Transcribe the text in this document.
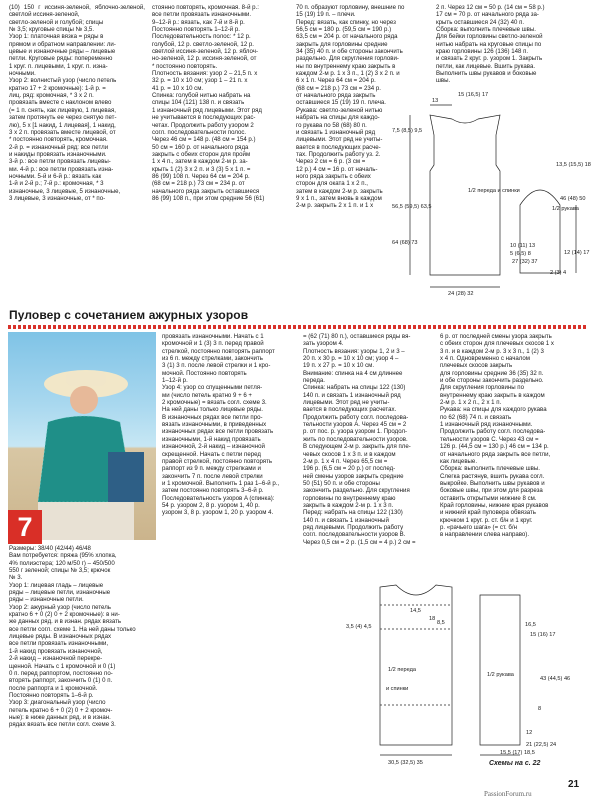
(10) 150 г иссиня-зеленой, яблочно-зеленой, светлой иссиня-зеленой,

светло-зеленой и голубой; спицы

№ 3,5; круговые спицы № 3,5.

Узор 1: платочная вязка = ряды в

прямом и обратном направлении: ли-

цевые и изнаночные ряды – лицевые

петли. Круговые ряды: попеременно

1 круг. п. лицевыми, 1 круг. п. изна-

ночными.

Узор 2: волнистый узор (число петель

кратно 17 + 2 кромочные): 1-й р. =

лиц. ряд: кромочная, * 3 х 2 п.

провязать вместе с наклоном влево

(= 1 п. снять, как лицевую, 1 лицевая,

затем протянуть ее через снятую пет-

лю), 5 х [1 накид, 1 лицевая], 1 накид,

3 х 2 п. провязать вместе лицевой, от

* постоянно повторять, кромочная.

2-й р. = изнаночный ряд: все петли

и накиды провязать изнаночными.

3-й р.: все петли провязать лицевы-

ми. 4-й р.: все петли провязать изна-

ночными. 5-й и 6-й р.: вязать как

1-й и 2-й р.; 7-й р.: кромочная, * 3

изнаночные, 3 лицевые, 5 изнаночные,

3 лицевые, 3 изнаночные, от * по-

стоянно повторять, кромочная. 8-й р.:

все петли провязать изнаночными.

9–12-й р.: вязать, как 7-й и 8-й р.

Постоянно повторять 1–12-й р.

Последовательность полос: * 12 р.

голубой, 12 р. светло-зеленой, 12 р.

светлой иссиня-зеленой, 12 р. яблоч-

но-зеленой, 12 р. иссиня-зеленой, от

* постоянно повторять.

Плотность вязания: узор 2 – 21,5 п. х

32 р. = 10 х 10 см; узор 1 – 21 п. х

41 р. = 10 х 10 см.

Спинка: голубой нитью набрать на

спицы 104 (121) 138 п. и связать

1 изнаночный ряд лицевыми. Этот ряд

не учитывается в последующих рас-

четах. Продолжить работу узором 2

согл. последовательности полос.

Через 46 см = 148 р. (48 см = 154 р.)

50 см = 160 р. от начального ряда

закрыть с обеих сторон для пройм

1 х 4 п., затем в каждом 2-м р. за-

крыть 1 (2) 3 х 2 п. и 3 (3) 5 х 1 п. =

86 (99) 108 п. Через 64 см = 204 р.

(68 см = 218 р.) 73 см = 234 р. от

начального ряда закрыть оставшиеся

86 (99) 108 п., при этом средние 56 (61)

70 п. образуют горловину, внешние по

15 (19) 19 п. – плечи.

Перед: вязать, как спинку, но через

56,5 см = 180 р. (59,5 см = 190 р.)

63,5 см = 204 р. от начального ряда

закрыть для горловины средние

34 (35) 40 п. и обе стороны закончить

раздельно. Для скругления горлови-

ны по внутреннему краю закрыть в

каждом 2-м р. 1 х 3 п., 1 (2) 3 х 2 п. и

6 х 1 п. Через 64 см = 204 р.

(68 см = 218 р.) 73 см = 234 р.

от начального ряда закрыть

оставшиеся 15 (19) 19 п. плеча.

Рукава: светло-зеленой нитью

набрать на спицы для каждо-

го рукава по 58 (68) 80 п.

и связать 1 изнаночный ряд

лицевыми. Этот ряд не учиты-

вается в последующих расче-

тах. Продолжить работу уз. 2.

Через 2 см = 6 р. (3 см =

12 р.) 4 см = 16 р. от началь-

ного ряда закрыть с обеих

сторон для оката 1 х 2 п.,

затем в каждом 2-м р. закрыть

9 х 1 п., затем вновь в каждом

2-м р. закрыть 2 х 1 п. и 1 х

2 п. Через 12 см = 50 р. (14 см = 58 р.)

17 см = 70 р. от начального ряда за-

крыть оставшиеся 24 (32) 40 п.

Сборка: выполнить плечевые швы.

Для бейки горловины светло-зеленой

нитью набрать на круговые спицы по

краю горловины 126 (136) 148 п.

и связать 2 круг. р. узором 1. Закрыть

петли, как лицевые. Вшить рукава.

Выполнить швы рукавов и боковые

швы.

13
15 (16,5) 17
7,5 (8,5) 9,5
56,5 (59,5) 63,5
64 (68) 73
1/2 переда и спинки
24 (28) 32
1/2 рукава
10 (11) 13
5 (6,5) 8
27 (32) 37
12 (14) 17
46 (48) 50
13,5 (15,5) 18
2 (3) 4
Пуловер с сочетанием ажурных узоров
7

Размеры: 38/40 (42/44) 46/48

Вам потребуется: пряжа (95% хлопка,

4% полиэстера; 120 м/50 г) – 450/500

550 г зеленой; спицы № 3,5; крючок

№ 3.

Узор 1: лицевая гладь – лицевые

ряды – лицевые петли, изнаночные

ряды – изнаночные петли.

Узор 2: ажурный узор (число петель

кратно 6 + 0 (2) 0 + 2 кромочные): в ни-

же данных ряд. и в изнан. рядах вязать

все петли согл. схеме 1. На ней даны только

лицевые ряды. В изнаночных рядах

все петли провязать изнаночными,

1-й накид провязать изнаночной,

2-й накид – изнаночной перекре-

щенной. Начать с 1 кромочной и 0 (1)

0 п. перед раппортом, постоянно по-

вторять раппорт, закончить 0 (1) 0 п.

после раппорта и 1 кромочной.

Постоянно повторять 1–6-й р.

Узор 3: диагональный узор (число

петель кратно 6 + 0 (2) 0 + 2 кромоч-

ные): в ниже данных ряд. и в изнан.

рядах вязать все петли согл. схеме 3.

провязать изнаночными. Начать с 1

кромочной и 1 (3) 3 п. перед правой

стрелкой, постоянно повторять раппорт

из 6 п. между стрелками, закончить

3 (1) 3 п. после левой стрелки и 1 кро-

мочной. Постоянно повторять

1–12-й р.

Узор 4: узор со спущенными петля-

ми (число петель кратно 9 + 6 +

2 кромочные) = вязать согл. схеме 3.

На ней даны только лицевые ряды.

В изнаночных рядах все петли про-

вязать изнаночными, в приведенных

изнаночных рядах все петли провязать

изнаночными, 1-й накид провязать

изнаночной, 2-й накид – изнаночной

скрещенной. Начать с петли перед

правой стрелкой, постоянно повторять

раппорт из 9 п. между стрелками и

закончить 7 п. после левой стрелки

и 1 кромочной. Выполнить 1 раз 1–6-й р.,

затем постоянно повторять 3–6-й р.

Последовательность узоров A (спинка):

54 р. узором 2, 8 р. узором 1, 40 р.

узором 3, 8 р. узором 1, 20 р. узором 4.

= (62 (71) 80 п.), оставшиеся ряды вя-

зать узором 4.

Плотность вязания: узоры 1, 2 и 3 –

20 п. х 30 р. = 10 х 10 см; узор 4 –

19 п. х 27 р. = 10 х 10 см.

Внимание: спинка на 4 см длиннее

переда.

Спинка: набрать на спицы 122 (130)

140 п. и связать 1 изнаночный ряд

лицевыми. Этот ряд не учиты-

вается в последующих расчетах.

Продолжить работу согл. последова-

тельности узоров A. Через 45 см = 2

р. от пос. р. узора узором 1. Продол-

жить по последовательности узоров.

В следующем 2-м р. закрыть для пле-

чевых скосов 1 х 3 п. и в каждом

2-м р. 1 х 4 п. Через 65,5 см =

196 р. (6,5 см = 20 р.) от послед-

ней смены узоров закрыть средние

50 (51) 50 п. и обе стороны

закончить раздельно. Для скругления

горловины по внутреннему краю

закрыть в каждом 2-м р. 1 х 3 п.

Перед: набрать на спицы 122 (130)

140 п. и связать 1 изнаночный

ряд лицевыми. Продолжить работу

согл. последовательности узоров В.

Через 0,5 см = 2 р. (1,5 см = 4 р.) 2 см =

6 р. от последней смены узора закрыть

с обеих сторон для плечевых скосов 1 х

3 п. и в каждом 2-м р. 3 х 3 п., 1 (2) 3

х 4 п. Одновременно с началом

плечевых скосов закрыть

для горловины средние 36 (35) 32 п.

и обе стороны закончить раздельно.

Для скругления горловины по

внутреннему краю закрыть в каждом

2-м р. 1 х 2 п., 2 х 1 п.

Рукава: на спицы для каждого рукава

по 62 (68) 74 п. и связать

1 изнаночный ряд изнаночными.

Продолжить работу согл. последова-

тельности узоров С. Через 43 см =

126 р. (44,5 см = 130 р.) 46 см = 134 р.

от начального ряда закрыть все петли,

как лицевые.

Сборка: выполнить плечевые швы.

Слегка растянув, вшить рукава согл.

выкройке. Выполнить швы рукавов и

боковые швы, при этом для разреза

оставить открытыми нижние 8 см.

Край горловины, нижние края рукавов

и нижний край пуловера обвязать

крючком 1 круг. р. ст. б/н и 1 круг.

р. «рачьего шага» (= ст. б/н

в направлении слева направо).

14,5
18
8,5
3,5 (4) 4,5
1/2 переда
и спинки
30,5 (32,5) 35
1/2 рукава
16,5
15 (16) 17
43 (44,5) 46
15,5 (17) 18,5
21 (22,5) 24
12
8
Схемы на с. 22
21
PassionForum.ru
